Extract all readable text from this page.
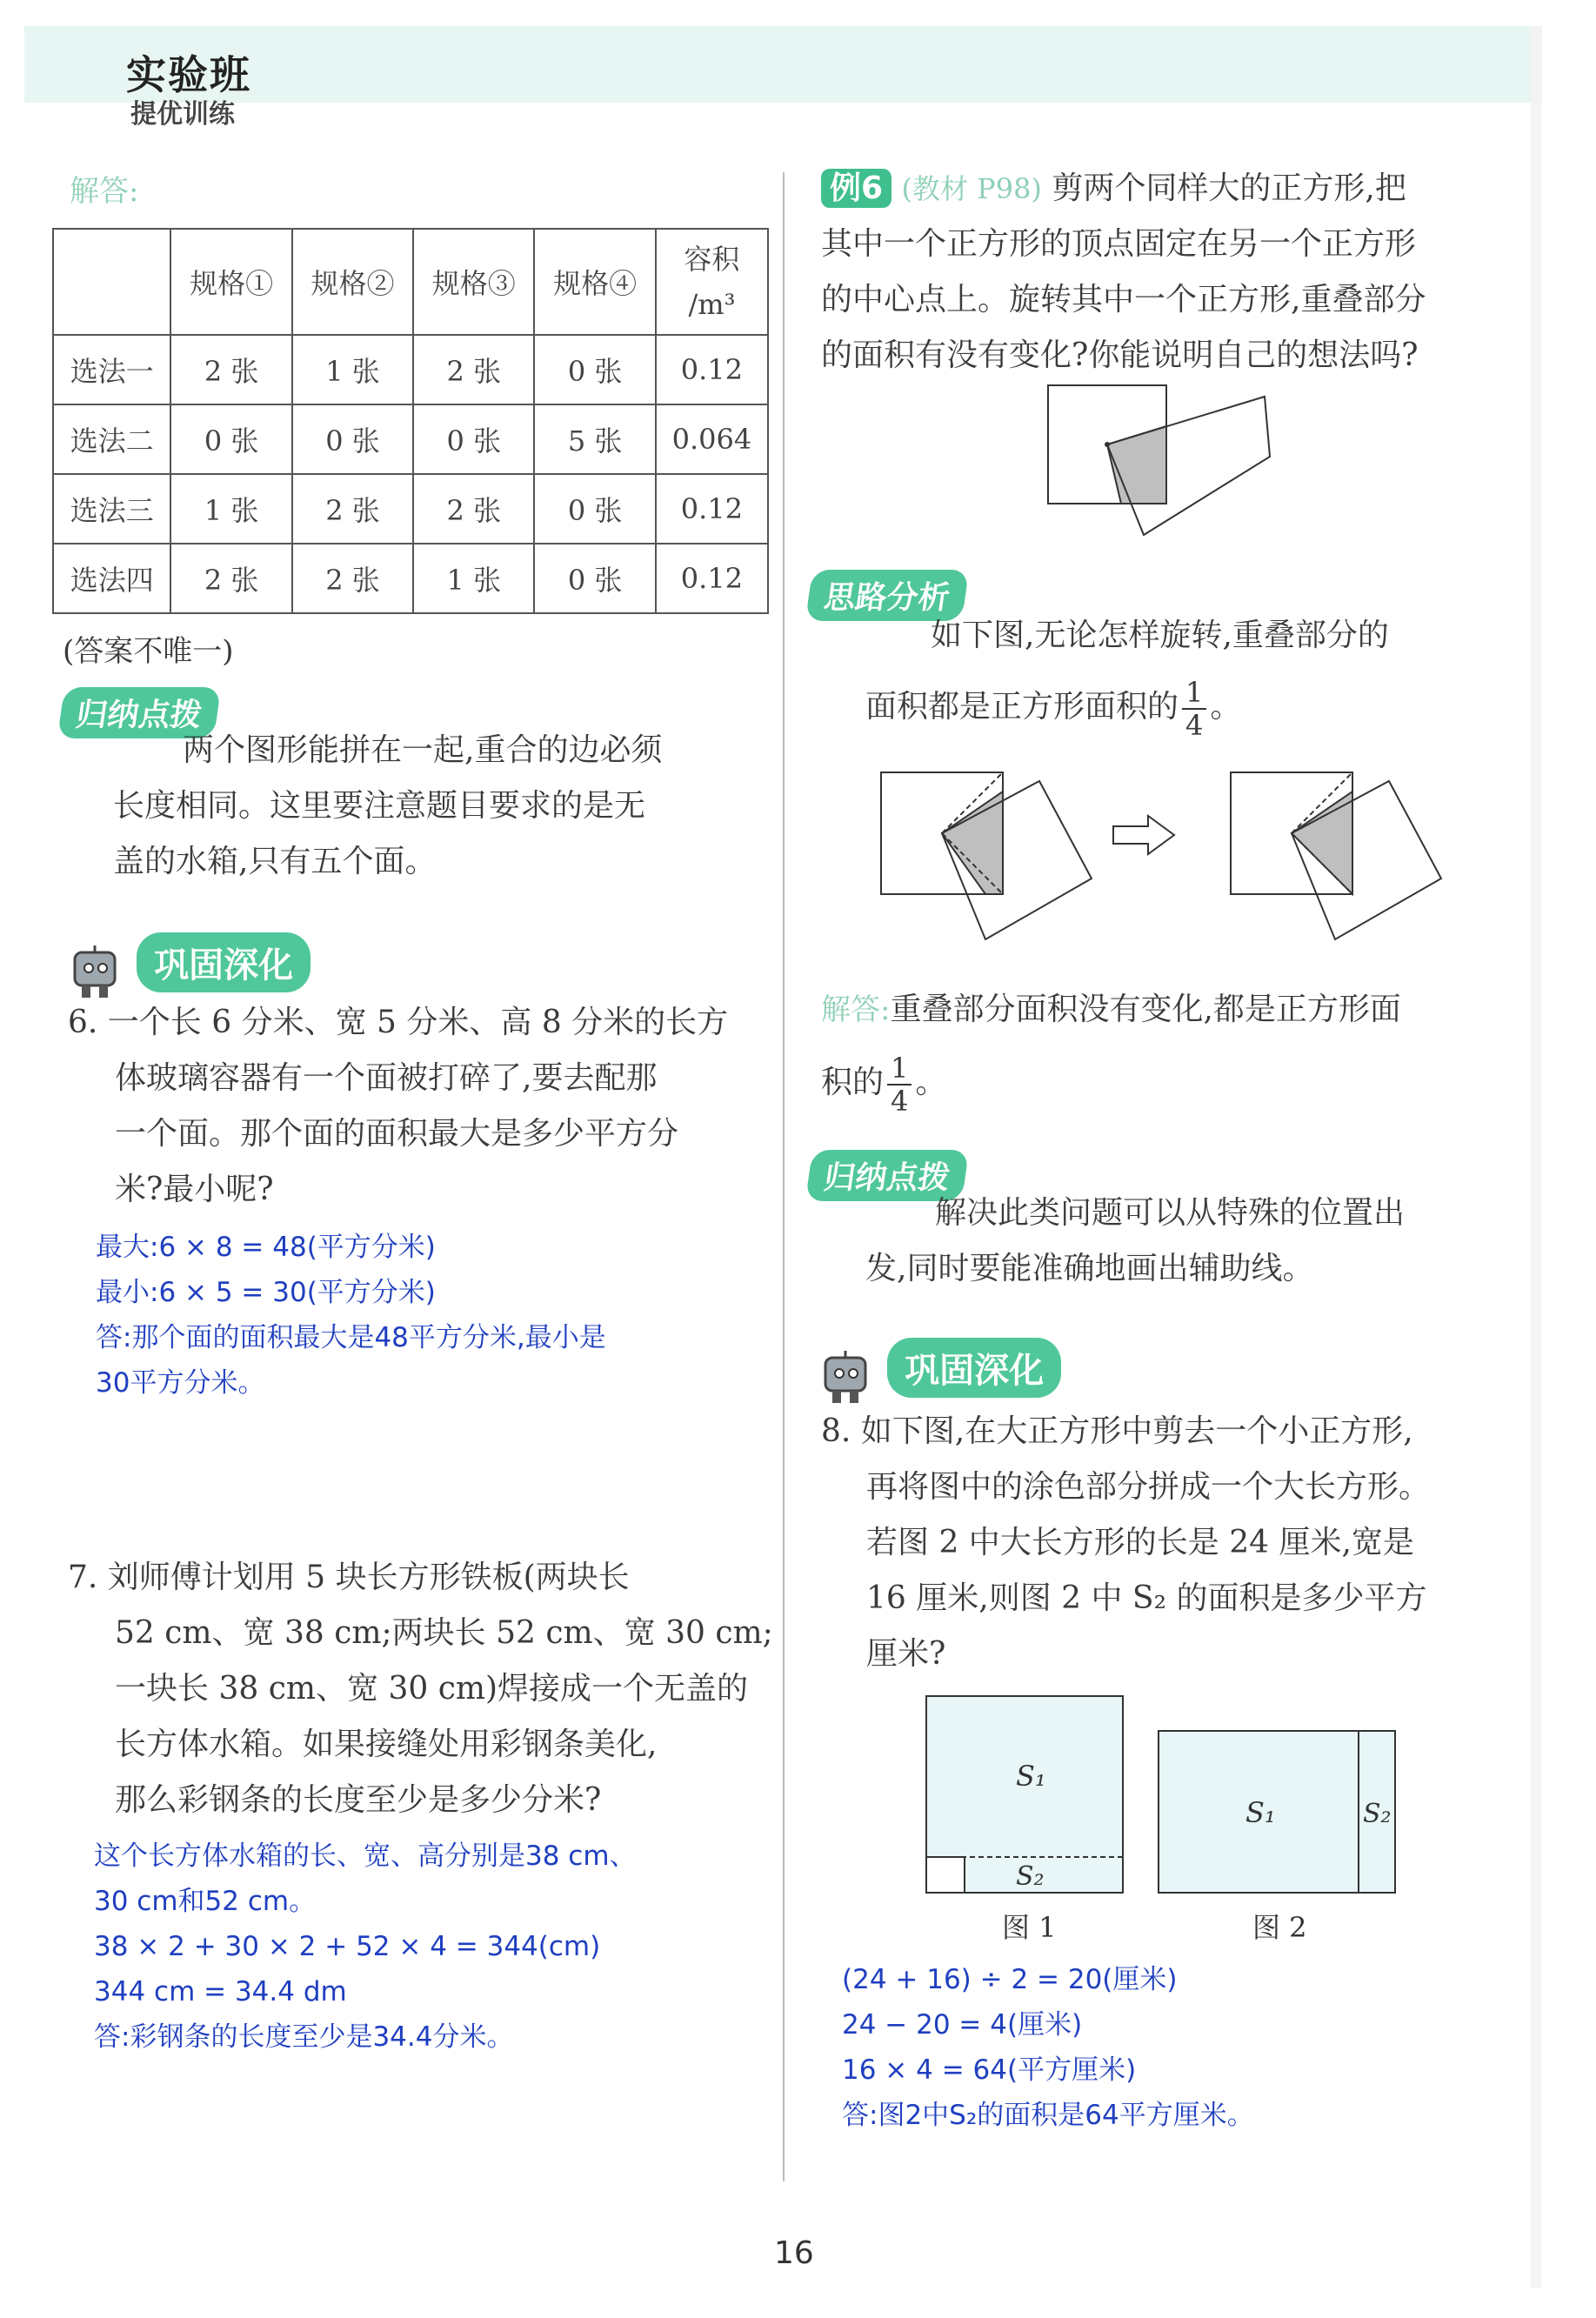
实验班
提优训练
解答:
	规格①	规格②	规格③	规格④	容积
/m³
选法一	2 张	1 张	2 张	0 张	0.12
选法二	0 张	0 张	0 张	5 张	0.064
选法三	1 张	2 张	2 张	0 张	0.12
选法四	2 张	2 张	1 张	0 张	0.12
(答案不唯一)
归纳点拨
两个图形能拼在一起,重合的边必须
长度相同。这里要注意题目要求的是无
盖的水箱,只有五个面。
巩固深化
6. 一个长 6 分米、宽 5 分米、高 8 分米的长方
体玻璃容器有一个面被打碎了,要去配那
一个面。那个面的面积最大是多少平方分
米?最小呢?
最大:6 × 8 = 48(平方分米)
最小:6 × 5 = 30(平方分米)
答:那个面的面积最大是48平方分米,最小是
30平方分米。
7. 刘师傅计划用 5 块长方形铁板(两块长
52 cm、宽 38 cm;两块长 52 cm、宽 30 cm;
一块长 38 cm、宽 30 cm)焊接成一个无盖的
长方体水箱。如果接缝处用彩钢条美化,
那么彩钢条的长度至少是多少分米?
这个长方体水箱的长、宽、高分别是38 cm、
30 cm和52 cm。
38 × 2 + 30 × 2 + 52 × 4 = 344(cm)
344 cm = 34.4 dm
答:彩钢条的长度至少是34.4分米。
例6 (教材 P98) 剪两个同样大的正方形,把
其中一个正方形的顶点固定在另一个正方形
的中心点上。旋转其中一个正方形,重叠部分
的面积有没有变化?你能说明自己的想法吗?
思路分析
如下图,无论怎样旋转,重叠部分的
面积都是正方形面积的 $\frac{1}{4}$ 。
解答:重叠部分面积没有变化,都是正方形面
积的 $\frac{1}{4}$ 。
归纳点拨
解决此类问题可以从特殊的位置出
发,同时要能准确地画出辅助线。
巩固深化
8. 如下图,在大正方形中剪去一个小正方形,
再将图中的涂色部分拼成一个大长方形。
若图 2 中大长方形的长是 24 厘米,宽是
16 厘米,则图 2 中 S₂ 的面积是多少平方
厘米?
S₁
S₂
S₁	S₂
图 1	图 2
(24 + 16) ÷ 2 = 20(厘米)
24 − 20 = 4(厘米)
16 × 4 = 64(平方厘米)
答:图2中S₂的面积是64平方厘米。
16
